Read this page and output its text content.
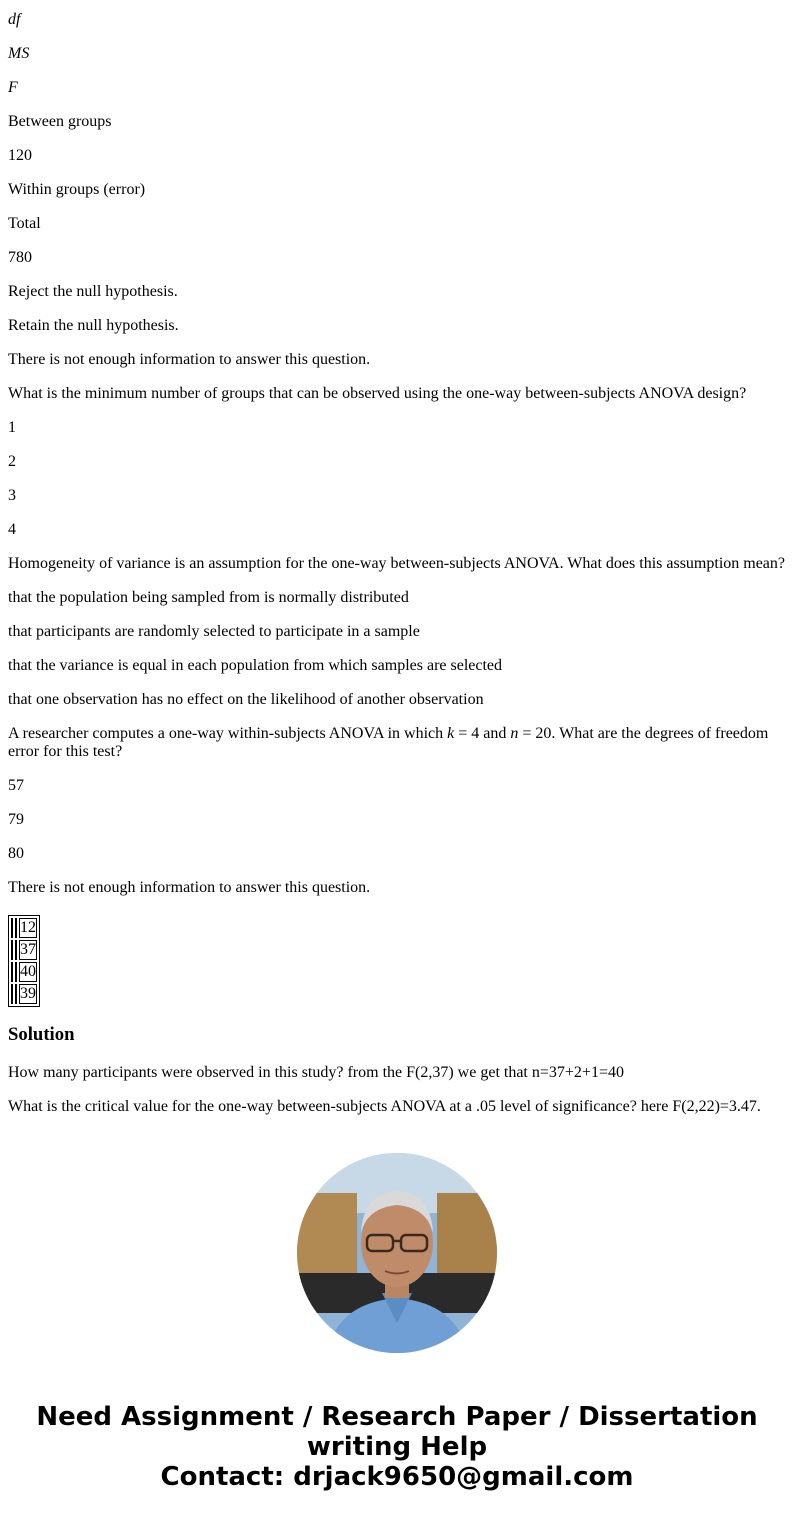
df

MS

F

Between groups

120

Within groups (error)

Total

780

Reject the null hypothesis.

Retain the null hypothesis.

There is not enough information to answer this question.

What is the minimum number of groups that can be observed using the one-way between-subjects ANOVA design?

1

2

3

4

Homogeneity of variance is an assumption for the one-way between-subjects ANOVA. What does this assumption mean?

that the population being sampled from is normally distributed

that participants are randomly selected to participate in a sample

that the variance is equal in each population from which samples are selected

that one observation has no effect on the likelihood of another observation

A researcher computes a one-way within-subjects ANOVA in which k = 4 and n = 20. What are the degrees of freedom error for this test?

57

79

80

There is not enough information to answer this question.

		12
		37
		40
		39
Solution

How many participants were observed in this study? from the F(2,37) we get that n=37+2+1=40

What is the critical value for the one-way between-subjects ANOVA at a .05 level of significance? here F(2,22)=3.47.

Need Assignment / Research Paper / Dissertation
writing Help
Contact: drjack9650@gmail.com
